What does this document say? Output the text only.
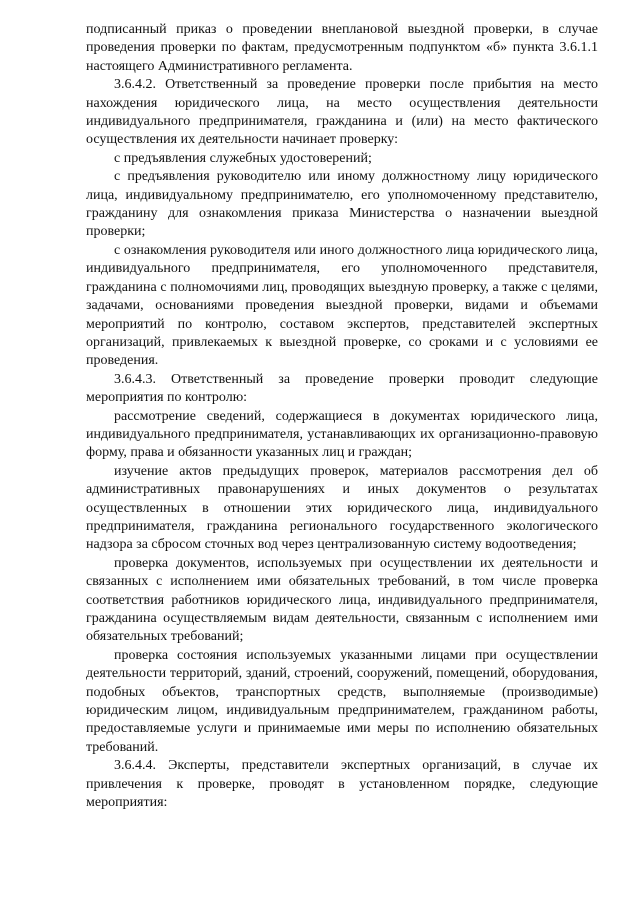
подписанный приказ о проведении внеплановой выездной проверки, в случае проведения проверки по фактам, предусмотренным подпунктом «б» пункта 3.6.1.1 настоящего Административного регламента.

3.6.4.2. Ответственный за проведение проверки после прибытия на место нахождения юридического лица, на место осуществления деятельности индивидуального предпринимателя, гражданина и (или) на место фактического осуществления их деятельности начинает проверку:

с предъявления служебных удостоверений;

с предъявления руководителю или иному должностному лицу юридического лица, индивидуальному предпринимателю, его уполномоченному представителю, гражданину для ознакомления приказа Министерства о назначении выездной проверки;

с ознакомления руководителя или иного должностного лица юридического лица, индивидуального предпринимателя, его уполномоченного представителя, гражданина с полномочиями лиц, проводящих выездную проверку, а также с целями, задачами, основаниями проведения выездной проверки, видами и объемами мероприятий по контролю, составом экспертов, представителей экспертных организаций, привлекаемых к выездной проверке, со сроками и с условиями ее проведения.

3.6.4.3. Ответственный за проведение проверки проводит следующие мероприятия по контролю:

рассмотрение сведений, содержащиеся в документах юридического лица, индивидуального предпринимателя, устанавливающих их организационно-правовую форму, права и обязанности указанных лиц и граждан;

изучение актов предыдущих проверок, материалов рассмотрения дел об административных правонарушениях и иных документов о результатах осуществленных в отношении этих юридического лица, индивидуального предпринимателя, гражданина регионального государственного экологического надзора за сбросом сточных вод через централизованную систему водоотведения;

проверка документов, используемых при осуществлении их деятельности и связанных с исполнением ими обязательных требований, в том числе проверка соответствия работников юридического лица, индивидуального предпринимателя, гражданина осуществляемым видам деятельности, связанным с исполнением ими обязательных требований;

проверка состояния используемых указанными лицами при осуществлении деятельности территорий, зданий, строений, сооружений, помещений, оборудования, подобных объектов, транспортных средств, выполняемые (производимые) юридическим лицом, индивидуальным предпринимателем, гражданином работы, предоставляемые услуги и принимаемые ими меры по исполнению обязательных требований.

3.6.4.4. Эксперты, представители экспертных организаций, в случае их привлечения к проверке, проводят в установленном порядке, следующие мероприятия:
